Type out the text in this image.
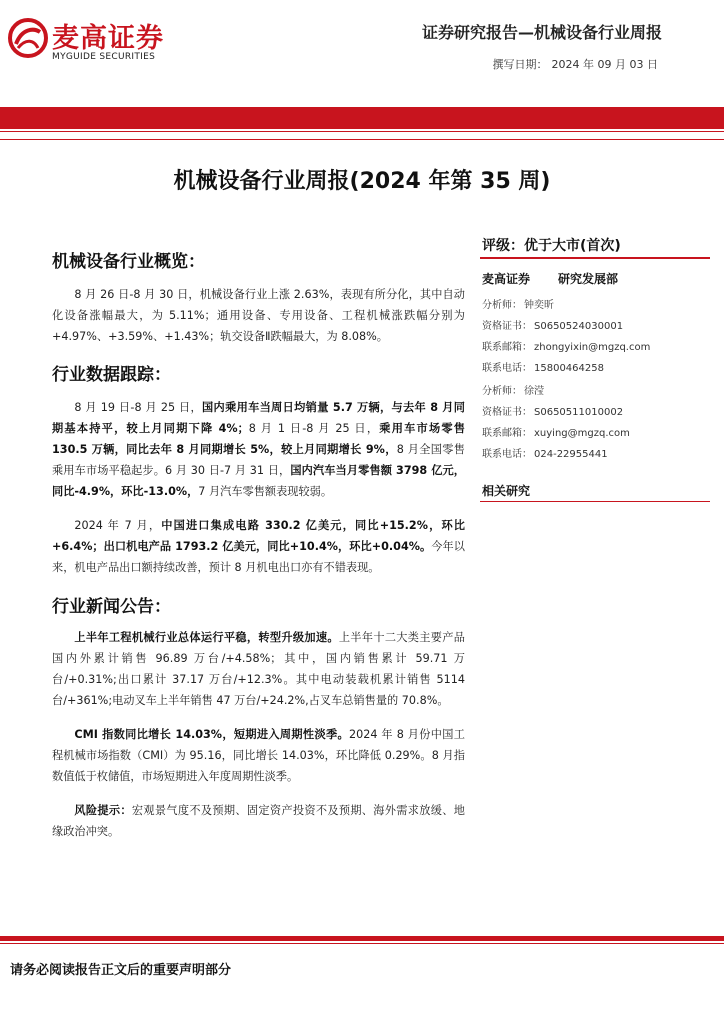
麦高证券
MYGUIDE SECURITIES
证券研究报告—机械设备行业周报
撰写日期： 2024 年 09 月 03 日
机械设备行业周报(2024 年第 35 周)
机械设备行业概览：
8 月 26 日-8 月 30 日，机械设备行业上涨 2.63%，表现有所分化，其中自动化设备涨幅最大，为 5.11%；通用设备、专用设备、工程机械涨跌幅分别为+4.97%、+3.59%、+1.43%；轨交设备Ⅱ跌幅最大，为 8.08%。
行业数据跟踪：
8 月 19 日-8 月 25 日，国内乘用车当周日均销量 5.7 万辆，与去年 8 月同期基本持平，较上月同期下降 4%；8 月 1 日-8 月 25 日，乘用车市场零售 130.5 万辆，同比去年 8 月同期增长 5%，较上月同期增长 9%，8 月全国零售乘用车市场平稳起步。6 月 30 日-7 月 31 日，国内汽车当月零售额 3798 亿元，同比-4.9%，环比-13.0%，7 月汽车零售额表现较弱。
2024 年 7 月，中国进口集成电路 330.2 亿美元，同比+15.2%，环比+6.4%；出口机电产品 1793.2 亿美元，同比+10.4%，环比+0.04%。今年以来，机电产品出口额持续改善，预计 8 月机电出口亦有不错表现。
行业新闻公告：
上半年工程机械行业总体运行平稳，转型升级加速。上半年十二大类主要产品国内外累计销售 96.89 万台/+4.58%；其中，国内销售累计 59.71 万台/+0.31%;出口累计 37.17 万台/+12.3%。其中电动装载机累计销售 5114 台/+361%;电动叉车上半年销售 47 万台/+24.2%,占叉车总销售量的 70.8%。
CMI 指数同比增长 14.03%，短期进入周期性淡季。2024 年 8 月份中国工程机械市场指数（CMI）为 95.16，同比增长 14.03%，环比降低 0.29%。8 月指数值低于枚储值，市场短期进入年度周期性淡季。
风险提示：宏观景气度不及预期、固定资产投资不及预期、海外需求放缓、地缘政治冲突。
评级：优于大市(首次)
麦高证券 研究发展部
分析师： 钟奕昕
资格证书： S0650524030001
联系邮箱： zhongyixin@mgzq.com
联系电话： 15800464258
分析师： 徐滢
资格证书： S0650511010002
联系邮箱： xuying@mgzq.com
联系电话： 024-22955441
相关研究
请务必阅读报告正文后的重要声明部分
